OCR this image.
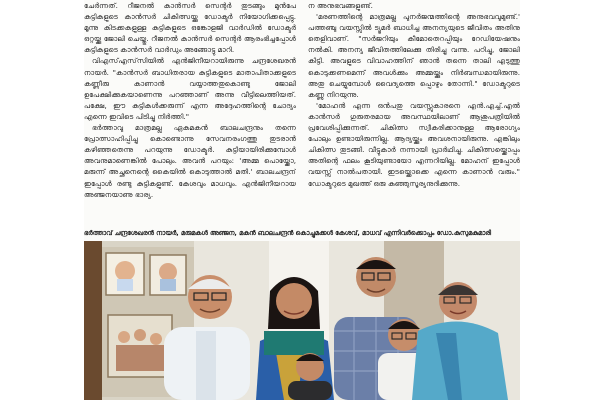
ചേർന്നത്. റീജനൽ കാൻസർ സെന്റർ തുടങ്ങും മുൻപേ കുട്ടികളുടെ കാൻസർ ചികിത്സയ്ക്കു ഡോക്ടർ നിയോഗിക്കപ്പെട്ടു. മൂന്നു കിടക്കകളുള്ള കുട്ടികളുടെ ഒങ്കോളജി വാർഡിൽ ഡോക്ടർ ഒറ്റയ്ക്കു ജോലി ചെയ്തു. റീജനൽ കാൻസർ സെന്റർ ആരംഭിച്ചപ്പോൾ കുട്ടികളുടെ കാൻസർ വാർഡും അങ്ങോട്ടു മാറി.

വിഎസ്എസ്‌സിയിൽ എൻജിനീയറായിരുന്നു ചന്ദ്രശേഖരൻ നായർ. "കാൻസർ ബാധിതരായ കുട്ടികളുടെ മാതാപിതാക്കളുടെ കണ്ണീരു കാണാൻ വയ്യാത്തതുകൊണ്ടു ജോലി ഉപേക്ഷിക്കുകയാണെന്നു പറഞ്ഞാണ് അന്നു വീട്ടിലെത്തിയത്. പക്ഷേ, ഈ കുട്ടികൾക്കരുന്ന് എന്ന അദ്ദേഹത്തിന്റെ ചോദ്യം എന്നെ ഇവിടെ പിടിച്ചു നിർത്തി."

ഭർത്താവു മാത്രമല്ല ഏകമകൻ ബാലചന്ദ്രനും തന്നെ പ്രോത്സാഹിപ്പിച്ചു കൊണ്ടൊന്നു സേവനരംഗത്തു തുടരാൻ കഴിഞ്ഞതെന്നു പറയുന്നു ഡോക്ടർ. കുട്ടിയായിരിക്കുമ്പോൾ അവനുമാണെങ്കിൽ പോലും. അവൻ പറയും: 'അമ്മ പൊയ്ക്കോ, മരുന്ന് അച്ഛനെന്റെ കൈയിൽ കൊടുത്താൽ മതി.' ബാലചന്ദ്രന് ഇപ്പോൾ രണ്ടു കുട്ടികളുണ്ട്. കേശവും മാധവും. എൻജിനീയറായ അഞ്ജനയാണു ഭാര്യ.

ന അനുഭവങ്ങളുണ്ട്.

'മരണത്തിന്റെ മാത്രമല്ല പുനർജന്മത്തിന്റെ അനുഭവവുമുണ്ട്.' പത്തഞ്ചു വയസ്സിൽ ട്യൂമർ ബാധിച്ച അനന്യയുടെ ജീവിതം അതിനു തെളിവാണ്. "സർജറിയും കീമോതെറപ്പിയും റേഡിയേഷനും നൽകി. അനന്യ ജീവിതത്തിലേക്കു തിരിച്ചു വന്നു. പഠിച്ചു, ജോലി കിട്ടി. അവളുടെ വിവാഹത്തിന് ഞാൻ തന്നെ താലി എടുത്തു കൊടുക്കണമെന്ന് അവൾക്കും അമ്മയ്ക്കും നിർബന്ധമായിരുന്നു. അതു ചെയ്യുമ്പോൾ വൈദ്യത്തെ പ്പൊഴും തോന്നി." ഡോക്ടറുടെ കണ്ണു നിറയുന്നു.

'മോഹൻ എന്ന ഒൻപതു വയസ്സുകാരനെ എൻ.എച്ച്.എൽ കാൻസർ ഗുരുതരമായ അവസ്ഥയിലാണ് ആശുപത്രിയിൽ പ്രവേശിപ്പിക്കുന്നത്. ചികിത്സ സ്വീകരിക്കാനുള്ള ആരോഗ്യം പോലും ഉണ്ടായിരുന്നില്ല. ആദ്യയ്ക്കും അവശനായിരുന്നു. എങ്കിലും ചികിത്സ തുടങ്ങി. വീട്ടുകാർ നന്നായി പ്രാർഥിച്ചു. ചികിത്സയ്ക്കൊപ്പം അതിന്റെ ഫലം കൂടിയുണ്ടായോ എന്നറിയില്ല. മോഹന് ഇപ്പോൾ വയസ്സ് നാൽപതായി. ഇടയ്ക്കൊക്കെ എന്നെ കാണാൻ വരും." ഡോക്ടറുടെ മുഖത്ത് ഒരു കുഞ്ഞുസൂര്യനുദിക്കുന്നു.

ഭർത്താവ് ചന്ദ്രശേഖരൻ നായർ, മരുമകൾ അഞ്ജന, മകൻ ബാലചന്ദ്രൻ കൊച്ചുമക്കൾ കേശവ്, മാധവ് എന്നിവർക്കൊപ്പം ഡോ.കുസുമകുമാരി
